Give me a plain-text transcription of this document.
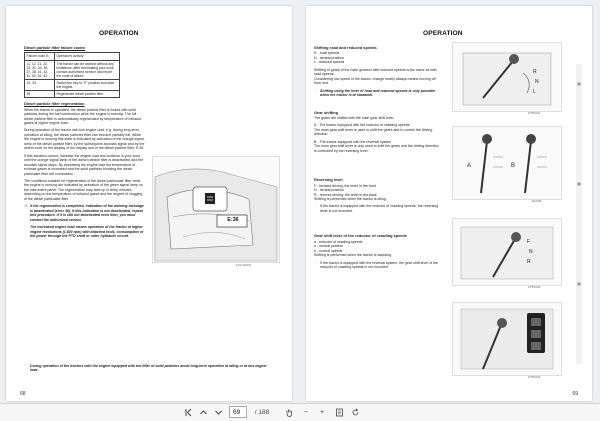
OPERATION
Diesel particle filter failure codes
Failure code E:	Operator's activity
11, 12, 21, 22, 23, 31, 34, 35, 37, 38, 41, 42, 51, 52, 61, 62	The tractor can be worked without any limitations, after terminating your work, contact authorized service and report the code of failure.
32, 33,	Switch the key to "0" position and start the engine.
36	Regenerate diesel particle filter.
Diesel particle filter regeneration

When the tractor is operated, the diesel particle filter is fouled with solid particles during the fuel combustion while the engine is running. The full diesel particle filter is automatically regenerated by temperature of exhaust gases at higher engine load.

During operation of the tractor with low engine load, e.g. during long-term operation at idling, the diesel particles filter can become partially full. While the engine is running this state is indicated by activation of the orange signal lamp of the diesel particle filter, by the subsequent acoustic signal and by the defect code on the display of the display unit of the diesel particle filter: E:36

If this situation occurs, increase the engine load and continue in your work until the orange signal lamp of the diesel particle filter is deactivated and the acoustic signal stops. By increasing the engine load the temperature of exhaust gases is increased and the solid particles blocking the diesel particulate filter are combusted.

The conditions suitable for regeneration of the diesel particulate filter while the engine is running are indicated by activation of the green signal lamp on the instrument panel. The regeneration may take up to thirty minutes depending on the temperature of exhaust gases and the degree of clogging of the diesel particulate filter.

⚠ If the regeneration is completed, indication of the warning message is deactivated (error 36). If this indication is not deactivated, repeat this procedure. If it is still not deactivated even then, you must contact the authorized service.

☞ The increased engine load means operation of the tractor at higher engine revolutions (1,800 rpm) with attached tools, consumption of the power through the PTO shaft or outer hydraulic circuit.

☞ During operation of the tractors with the engine equipped with the filter of solid particles avoid long-term operation at idling or at low engine load.

E:36
F41-2N079
68
OPERATION
Shifting road and reduced speeds
R - road speeds
N - neutral position

L - reduced speeds

Shifting of gears of the main gearbox with reduced speeds is the same as with road speeds.

Considering low speed of the tractor, change nearly always means moving off from rest.

☞ Shifting using the lever of road and reduced speeds is only possible when the tractor is at standstill.

Gear shifting

The gears are shifted with the main gear shift lever.

A - The tractor equipped with the reductor of crawling speeds.

The main gear shift lever is used to shift the gears and to control the driving direction.

B - The tractor equipped with the reversal system

The main gear shift lever is only used to shift the gears and the driving direction is controlled by the reversing lever.

Reversing lever
F - forward driving; the lever in the front
N - neutral position
R - reverse driving; the lever in the back

Shifting is performed when the tractor is idling.

☞ If the tractor is equipped with the reductor of crawling speeds, the reversing lever is not mounted.

Gear shift lever of the reductor of crawling speeds
a - reductor of crawling speeds
n - neutral position
b - normal speeds

Shifting is performed when the tractor is standing.

☞ If the tractor is equipped with the reversal system, the gear shift lever of the reductor of crawling speeds is not mounted.

R
N
L
F75N033
A	B
E1N49
F
N
R
F75N032
F75N044
69
69	/ 188	−	+
